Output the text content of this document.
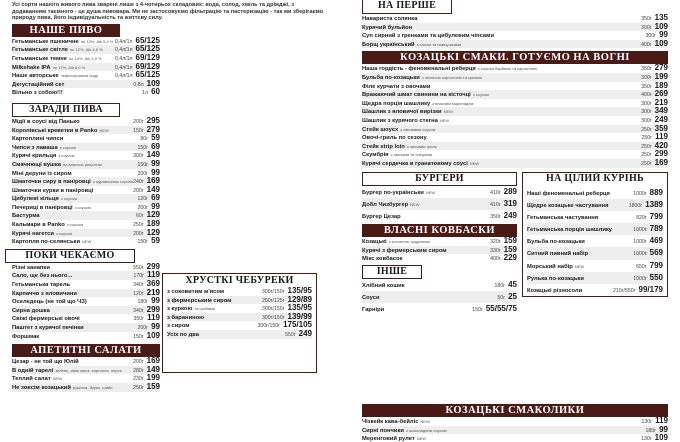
Усі сорти нашого живого пива зварені лише з 4-чотирьох складових: вода, солод, хміль та дріжджі, з додаванням таємного - це душа пивовара. Ми не застосовуємо фільтрацію та пастеризацію - так ми зберігаємо природу пива, його індивідуальність та життєву силу.
НАШЕ ПИВО
Гетьманське пшеничне по 12%, Alk 5,4 % 0,4л/1л 65/125
Гетьманське світле по 12%, Alk 4,8 %	0,4л/1л 65/125
Гетьманське темне по 14%, Alk 4,9 %	0,4л/1л 69/129
Milkshake IPA по 17%, Alk 6,0 %	0,4л/1л 69/129
Наше авторське нефільтрована сидр	0,4л/1л 65/125
Дегустаційний сет	0,8л 109
Вільно з собою!!!	1л 60
ЗАРАДИ ПИВА
Мідії в соусі від Панько	200г 295
Королівські креветки в Panko NEW	150г 279
Картоплині чипси	80г 59
Чипси з лаваша з соусом	150г 69
Курячі крильця з соусом	300г 149
Смачнющі вушка на власних рецептах	150г 99
Міні деруни із сиром	200г 99
Шматочки сиру в паніровці з журавлиним соусом 240г 169
Шматочки курки в паніровці	200г 149
Цибулеві кільця з соусом	120г 69
Печериці в паніровці з соусом	200г 99
Бастурма	60г 129
Кальмари в Panko з соусом	250г 189
Курячі нагетси з соусом	200г 129
Картопля по-селянськи NEW	150г 59
ПОКИ ЧЕКАЄМО
Різні канапки	550г 299
Сало, ще без нього...	170г 119
Гетьманська тарель	340г 369
Карпаччо з яловичини	120г 219
Оселедець (не той що ЧЗ)	180г 99
Сирна дошка	340г 299
Свіжі фермерські овочі	350г 119
Паштет з курячої печінки	200г 99
Форшмак	150г 109
АПЕТИТНІ САЛАТИ
Цезар - не той що Юлій	200г 169
В одній тарелі зелень, свіжі овочі, картопля, огірок	280г 149
Теплий салат NEW	230г 199
Не зовсім козацький руккола, буряк, гриби	250г 159
ХРУСТКІ ЧЕБУРЕКИ
з соковитим м'ясом	300г/150г 135/95
з фермерським сиром	250г/125г 129/89
з куркою та грибами	300г/150г 135/95
з баранинoю	300г/150г 139/99
з сиром	300г/150г 175/105
Усіх по два	550г 249
НА ПЕРШЕ
Наваристa солянка	350г 135
Курячий бульйон	300г 109
Суп сирний з гренками та цибулевим чіпсами	300г 99
Борщ український з салом та пампушками	400г 109
КОЗАЦЬКІ СМАКИ. ГОТУЄМО НА ВОГНІ
Наша гордість - феноменальні реберця з соусом барбекю та картоплею	350г 279
Бульба по-козацьки з печеною картоплею та кремом	300г 199
Філе курчати з овочами	350г 189
Вражаючий шмат свинини на кісточці з соусом	400г 269
Щедра порція шашлику з власним маринадом	300г 219
Шашлик з яловичої вирізки NEW	300г 349
Шашлик з курячого стегна NEW	300г 249
Стейк шоуєх з овочевим соусом	250г 359
Овочі-гриль по сезону	250г 119
Стейк strip loin з овочами гриль	250г 420
Скумбрія з овочами та спеціями	250г 299
Курячі сердечка в гранатовому соусі NEW	250г 169
БУРГЕРИ
Бургер по-українськи NEW	410г 289
Добл Чизбургер NEW	410г 319
Бургер Цезар	350г 249
ВЛАСНІ КОВБАСКИ
Козацькі з копченою грудинкою	320г 159
Курячі з фермерським сиром	330г 159
Мікс ковбасок	400г 229
ІНШЕ
Хлібний кошик	180г 45
Соуси	50г 25
Гарніри	150г 55/55/75
НА ЦІЛИЙ КУРІНЬ
Наші феноменальні реберця	1000г 889
Щедре козацьке частування	1800г 1389
Гетьманська частування	820г 799
Гетьманська порція шашлику	1000г 789
Бульба по-козацьки	1000г 469
Ситний пивний набір	1000г 569
Морський набір NEW	650г 799
Рулька по-козацьки	1000г 550
Козацькі різносоли	210г/550г 99/179
КОЗАЦЬКІ СМАКОЛИКИ
Чізкейк кава-бейліс NEW	130г 119
Сирні пончики з шоколадним соусом	180г 99
Меренговий рулет NEW	130г 109
